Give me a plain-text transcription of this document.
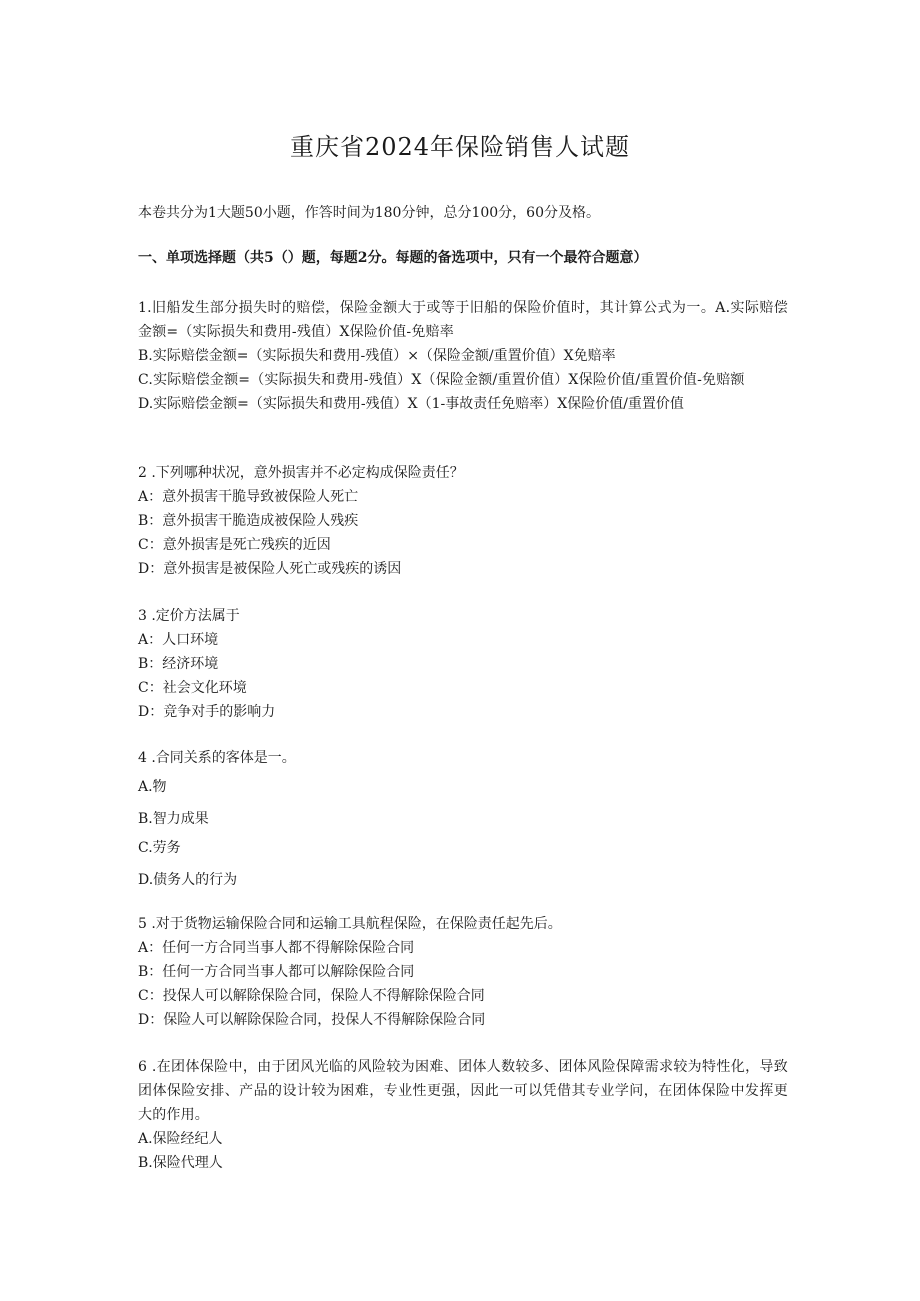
重庆省2024年保险销售人试题
本卷共分为1大题50小题，作答时间为180分钟，总分100分，60分及格。
一、单项选择题（共5（）题，每题2分。每题的备选项中，只有一个最符合题意）
1.旧船发生部分损失时的赔偿，保险金额大于或等于旧船的保险价值时，其计算公式为一。A.实际赔偿金额=（实际损失和费用-残值）X保险价值-免赔率
B.实际赔偿金额=（实际损失和费用-残值）×（保险金额/重置价值）X免赔率
C.实际赔偿金额=（实际损失和费用-残值）X（保险金额/重置价值）X保险价值/重置价值-免赔额
D.实际赔偿金额=（实际损失和费用-残值）X（1-事故责任免赔率）X保险价值/重置价值
2 .下列哪种状况，意外损害并不必定构成保险责任？
A：意外损害干脆导致被保险人死亡
B：意外损害干脆造成被保险人残疾
C：意外损害是死亡残疾的近因
D：意外损害是被保险人死亡或残疾的诱因
3 .定价方法属于
A：人口环境
B：经济环境
C：社会文化环境
D：竞争对手的影响力
4 .合同关系的客体是一。
A.物
B.智力成果
C.劳务
D.债务人的行为
5 .对于货物运输保险合同和运输工具航程保险，在保险责任起先后。
A：任何一方合同当事人都不得解除保险合同
B：任何一方合同当事人都可以解除保险合同
C：投保人可以解除保险合同，保险人不得解除保险合同
D：保险人可以解除保险合同，投保人不得解除保险合同
6 .在团体保险中，由于团风光临的风险较为困难、团体人数较多、团体风险保障需求较为特性化，导致团体保险安排、产品的设计较为困难，专业性更强，因此一可以凭借其专业学问，在团体保险中发挥更大的作用。
A.保险经纪人
B.保险代理人
